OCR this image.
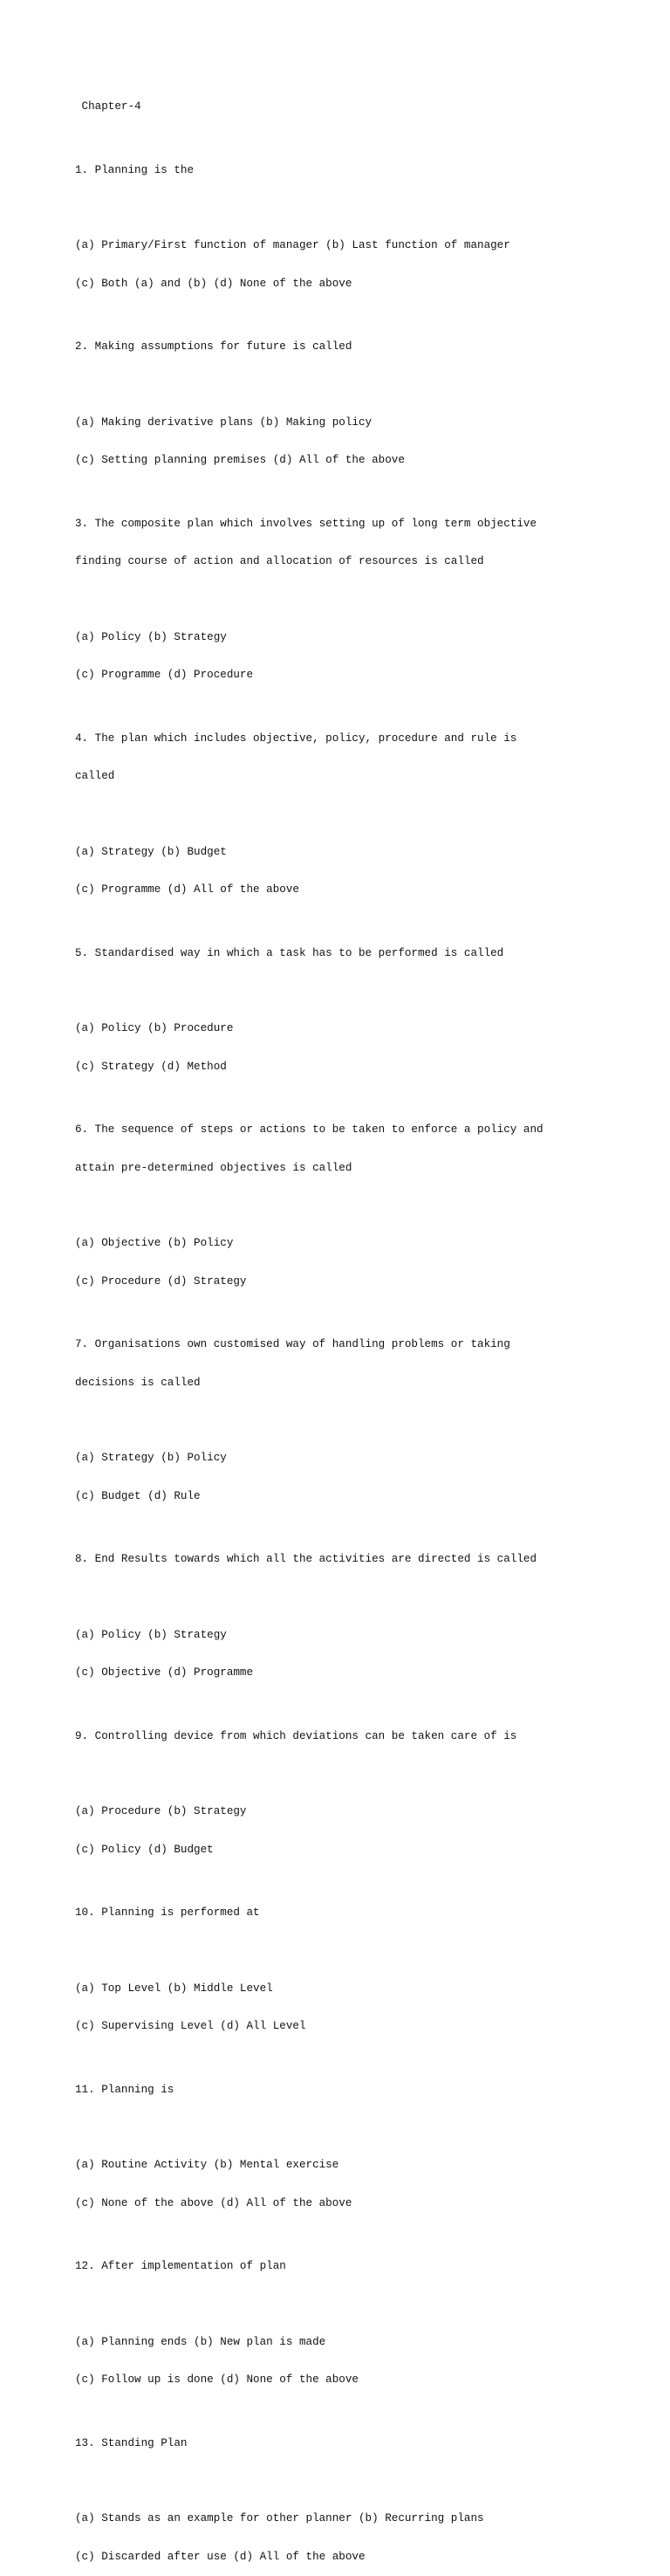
Chapter-4

1. Planning is the

(a) Primary/First function of manager (b) Last function of manager

(c) Both (a) and (b) (d) None of the above

2. Making assumptions for future is called

(a) Making derivative plans (b) Making policy

(c) Setting planning premises (d) All of the above

3. The composite plan which involves setting up of long term objective

finding course of action and allocation of resources is called

(a) Policy (b) Strategy

(c) Programme (d) Procedure

4. The plan which includes objective, policy, procedure and rule is

called

(a) Strategy (b) Budget

(c) Programme (d) All of the above

5. Standardised way in which a task has to be performed is called

(a) Policy (b) Procedure

(c) Strategy (d) Method

6. The sequence of steps or actions to be taken to enforce a policy and

attain pre-determined objectives is called

(a) Objective (b) Policy

(c) Procedure (d) Strategy

7. Organisations own customised way of handling problems or taking

decisions is called

(a) Strategy (b) Policy

(c) Budget (d) Rule

8. End Results towards which all the activities are directed is called

(a) Policy (b) Strategy

(c) Objective (d) Programme

9. Controlling device from which deviations can be taken care of is

(a) Procedure (b) Strategy

(c) Policy (d) Budget

10. Planning is performed at

(a) Top Level (b) Middle Level

(c) Supervising Level (d) All Level

11. Planning is

(a) Routine Activity (b) Mental exercise

(c) None of the above (d) All of the above

12. After implementation of plan

(a) Planning ends (b) New plan is made

(c) Follow up is done (d) None of the above

13. Standing Plan

(a) Stands as an example for other planner (b) Recurring plans

(c) Discarded after use (d) All of the above
